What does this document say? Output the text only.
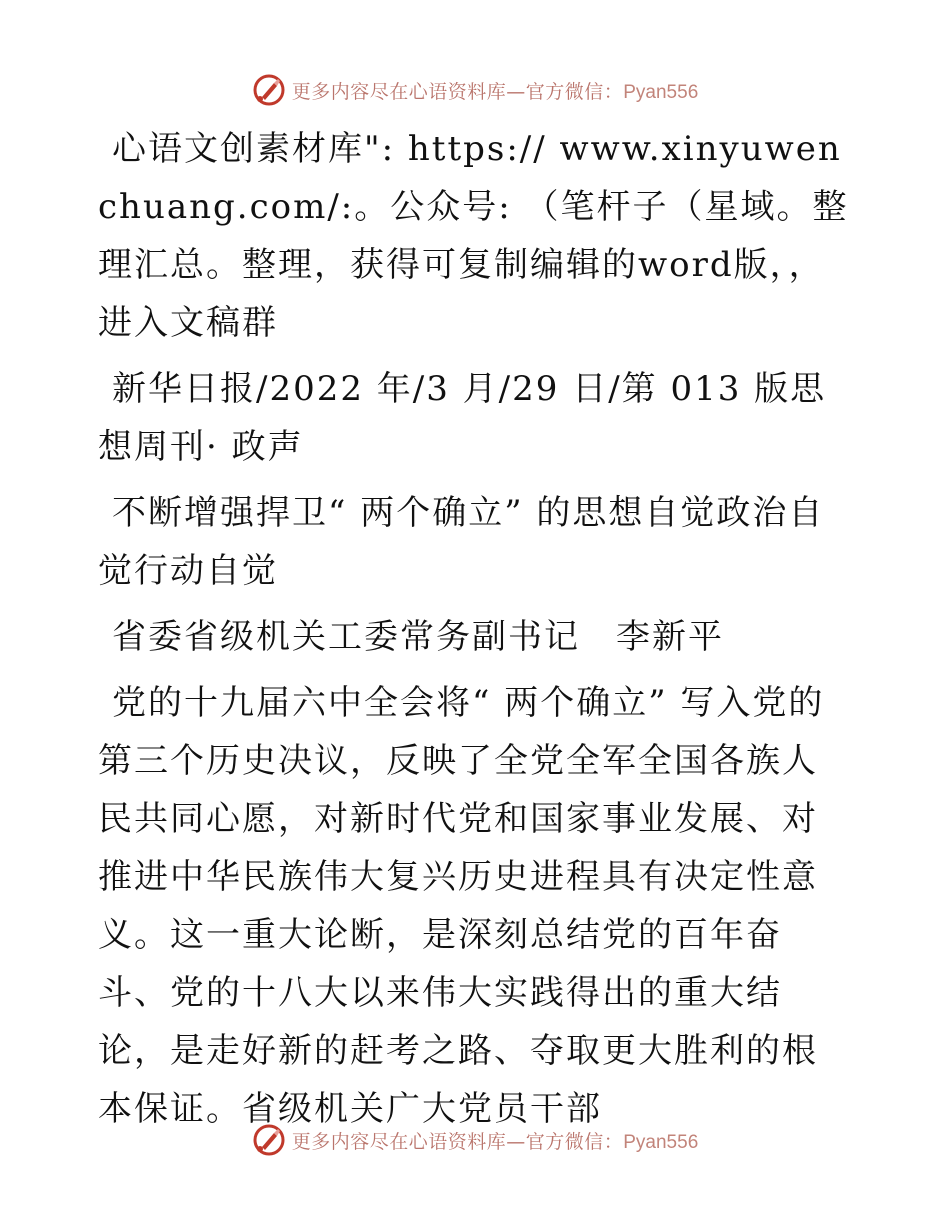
更多内容尽在心语资料库—官方微信：Pyan556

心语文创素材库": https:// www.xinyuwenchuang.com/:。公众号: （笔杆子（星域。整理汇总。整理，获得可复制编辑的word版，，进入文稿群

新华日报/2022 年/3 月/29 日/第 013 版思想周刊· 政声

不断增强捍卫“ 两个确立” 的思想自觉政治自觉行动自觉

省委省级机关工委常务副书记　李新平

党的十九届六中全会将“ 两个确立” 写入党的第三个历史决议，反映了全党全军全国各族人民共同心愿，对新时代党和国家事业发展、对推进中华民族伟大复兴历史进程具有决定性意义。这一重大论断，是深刻总结党的百年奋斗、党的十八大以来伟大实践得出的重大结论，是走好新的赶考之路、夺取更大胜利的根本保证。省级机关广大党员干部

更多内容尽在心语资料库—官方微信：Pyan556
